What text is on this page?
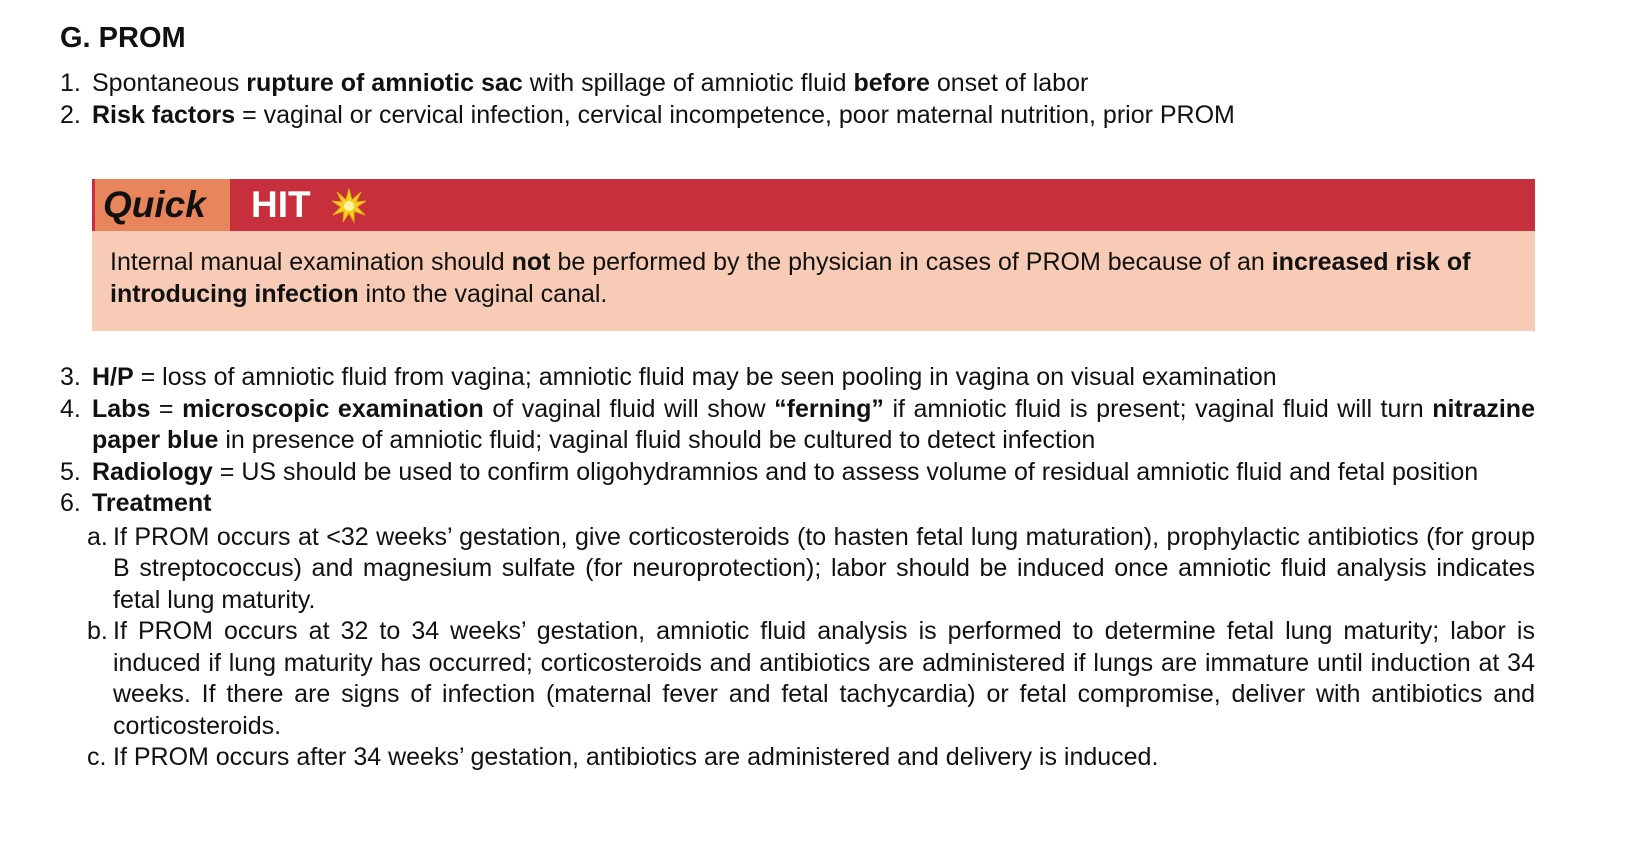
G. PROM
1. Spontaneous rupture of amniotic sac with spillage of amniotic fluid before onset of labor
2. Risk factors = vaginal or cervical infection, cervical incompetence, poor maternal nutrition, prior PROM
Quick	HIT
Internal manual examination should not be performed by the physician in cases of PROM because of an increased risk of introducing infection into the vaginal canal.
3. H/P = loss of amniotic fluid from vagina; amniotic fluid may be seen pooling in vagina on visual examination
4. Labs = microscopic examination of vaginal fluid will show “ferning” if amniotic fluid is present; vaginal fluid will turn nitrazine paper blue in presence of amniotic fluid; vaginal fluid should be cultured to detect infection
5. Radiology = US should be used to confirm oligohydramnios and to assess volume of residual amniotic fluid and fetal position
6. Treatment
a. If PROM occurs at <32 weeks’ gestation, give corticosteroids (to hasten fetal lung maturation), prophylactic antibiotics (for group B streptococcus) and magnesium sulfate (for neuroprotection); labor should be induced once amniotic fluid analysis indicates fetal lung maturity.
b. If PROM occurs at 32 to 34 weeks’ gestation, amniotic fluid analysis is performed to determine fetal lung maturity; labor is induced if lung maturity has occurred; corticosteroids and antibiotics are administered if lungs are immature until induction at 34 weeks. If there are signs of infection (maternal fever and fetal tachycardia) or fetal compromise, deliver with antibiotics and corticosteroids.
c. If PROM occurs after 34 weeks’ gestation, antibiotics are administered and delivery is induced.
